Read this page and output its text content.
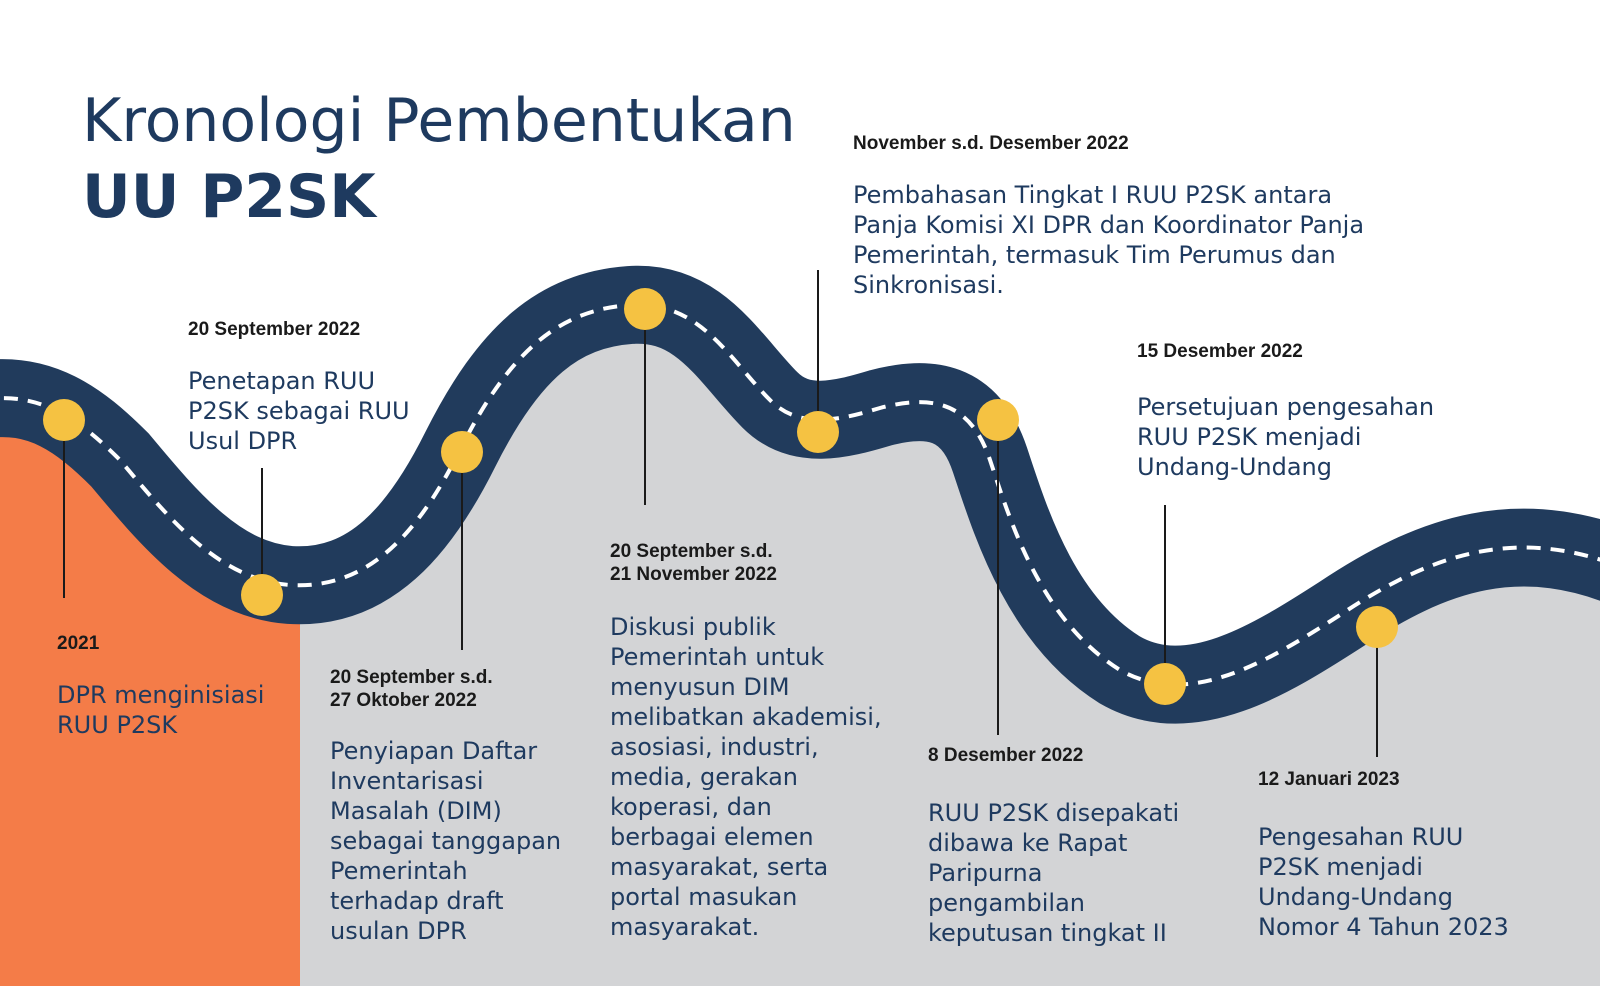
Kronologi Pembentukan
UU P2SK

2021

DPR menginisiasi
RUU P2SK

20 September 2022

Penetapan RUU
P2SK sebagai RUU
Usul DPR

20 September s.d.
27 Oktober 2022

Penyiapan Daftar
Inventarisasi
Masalah (DIM)
sebagai tanggapan
Pemerintah
terhadap draft
usulan DPR

20 September s.d.
21 November 2022

Diskusi publik
Pemerintah untuk
menyusun DIM
melibatkan akademisi,
asosiasi, industri,
media, gerakan
koperasi, dan
berbagai elemen
masyarakat, serta
portal masukan
masyarakat.

November s.d. Desember 2022

Pembahasan Tingkat I RUU P2SK antara
Panja Komisi XI DPR dan Koordinator Panja
Pemerintah, termasuk Tim Perumus dan
Sinkronisasi.

8 Desember 2022

RUU P2SK disepakati
dibawa ke Rapat
Paripurna
pengambilan
keputusan tingkat II

15 Desember 2022

Persetujuan pengesahan
RUU P2SK menjadi
Undang-Undang

12 Januari 2023

Pengesahan RUU
P2SK menjadi
Undang-Undang
Nomor 4 Tahun 2023
